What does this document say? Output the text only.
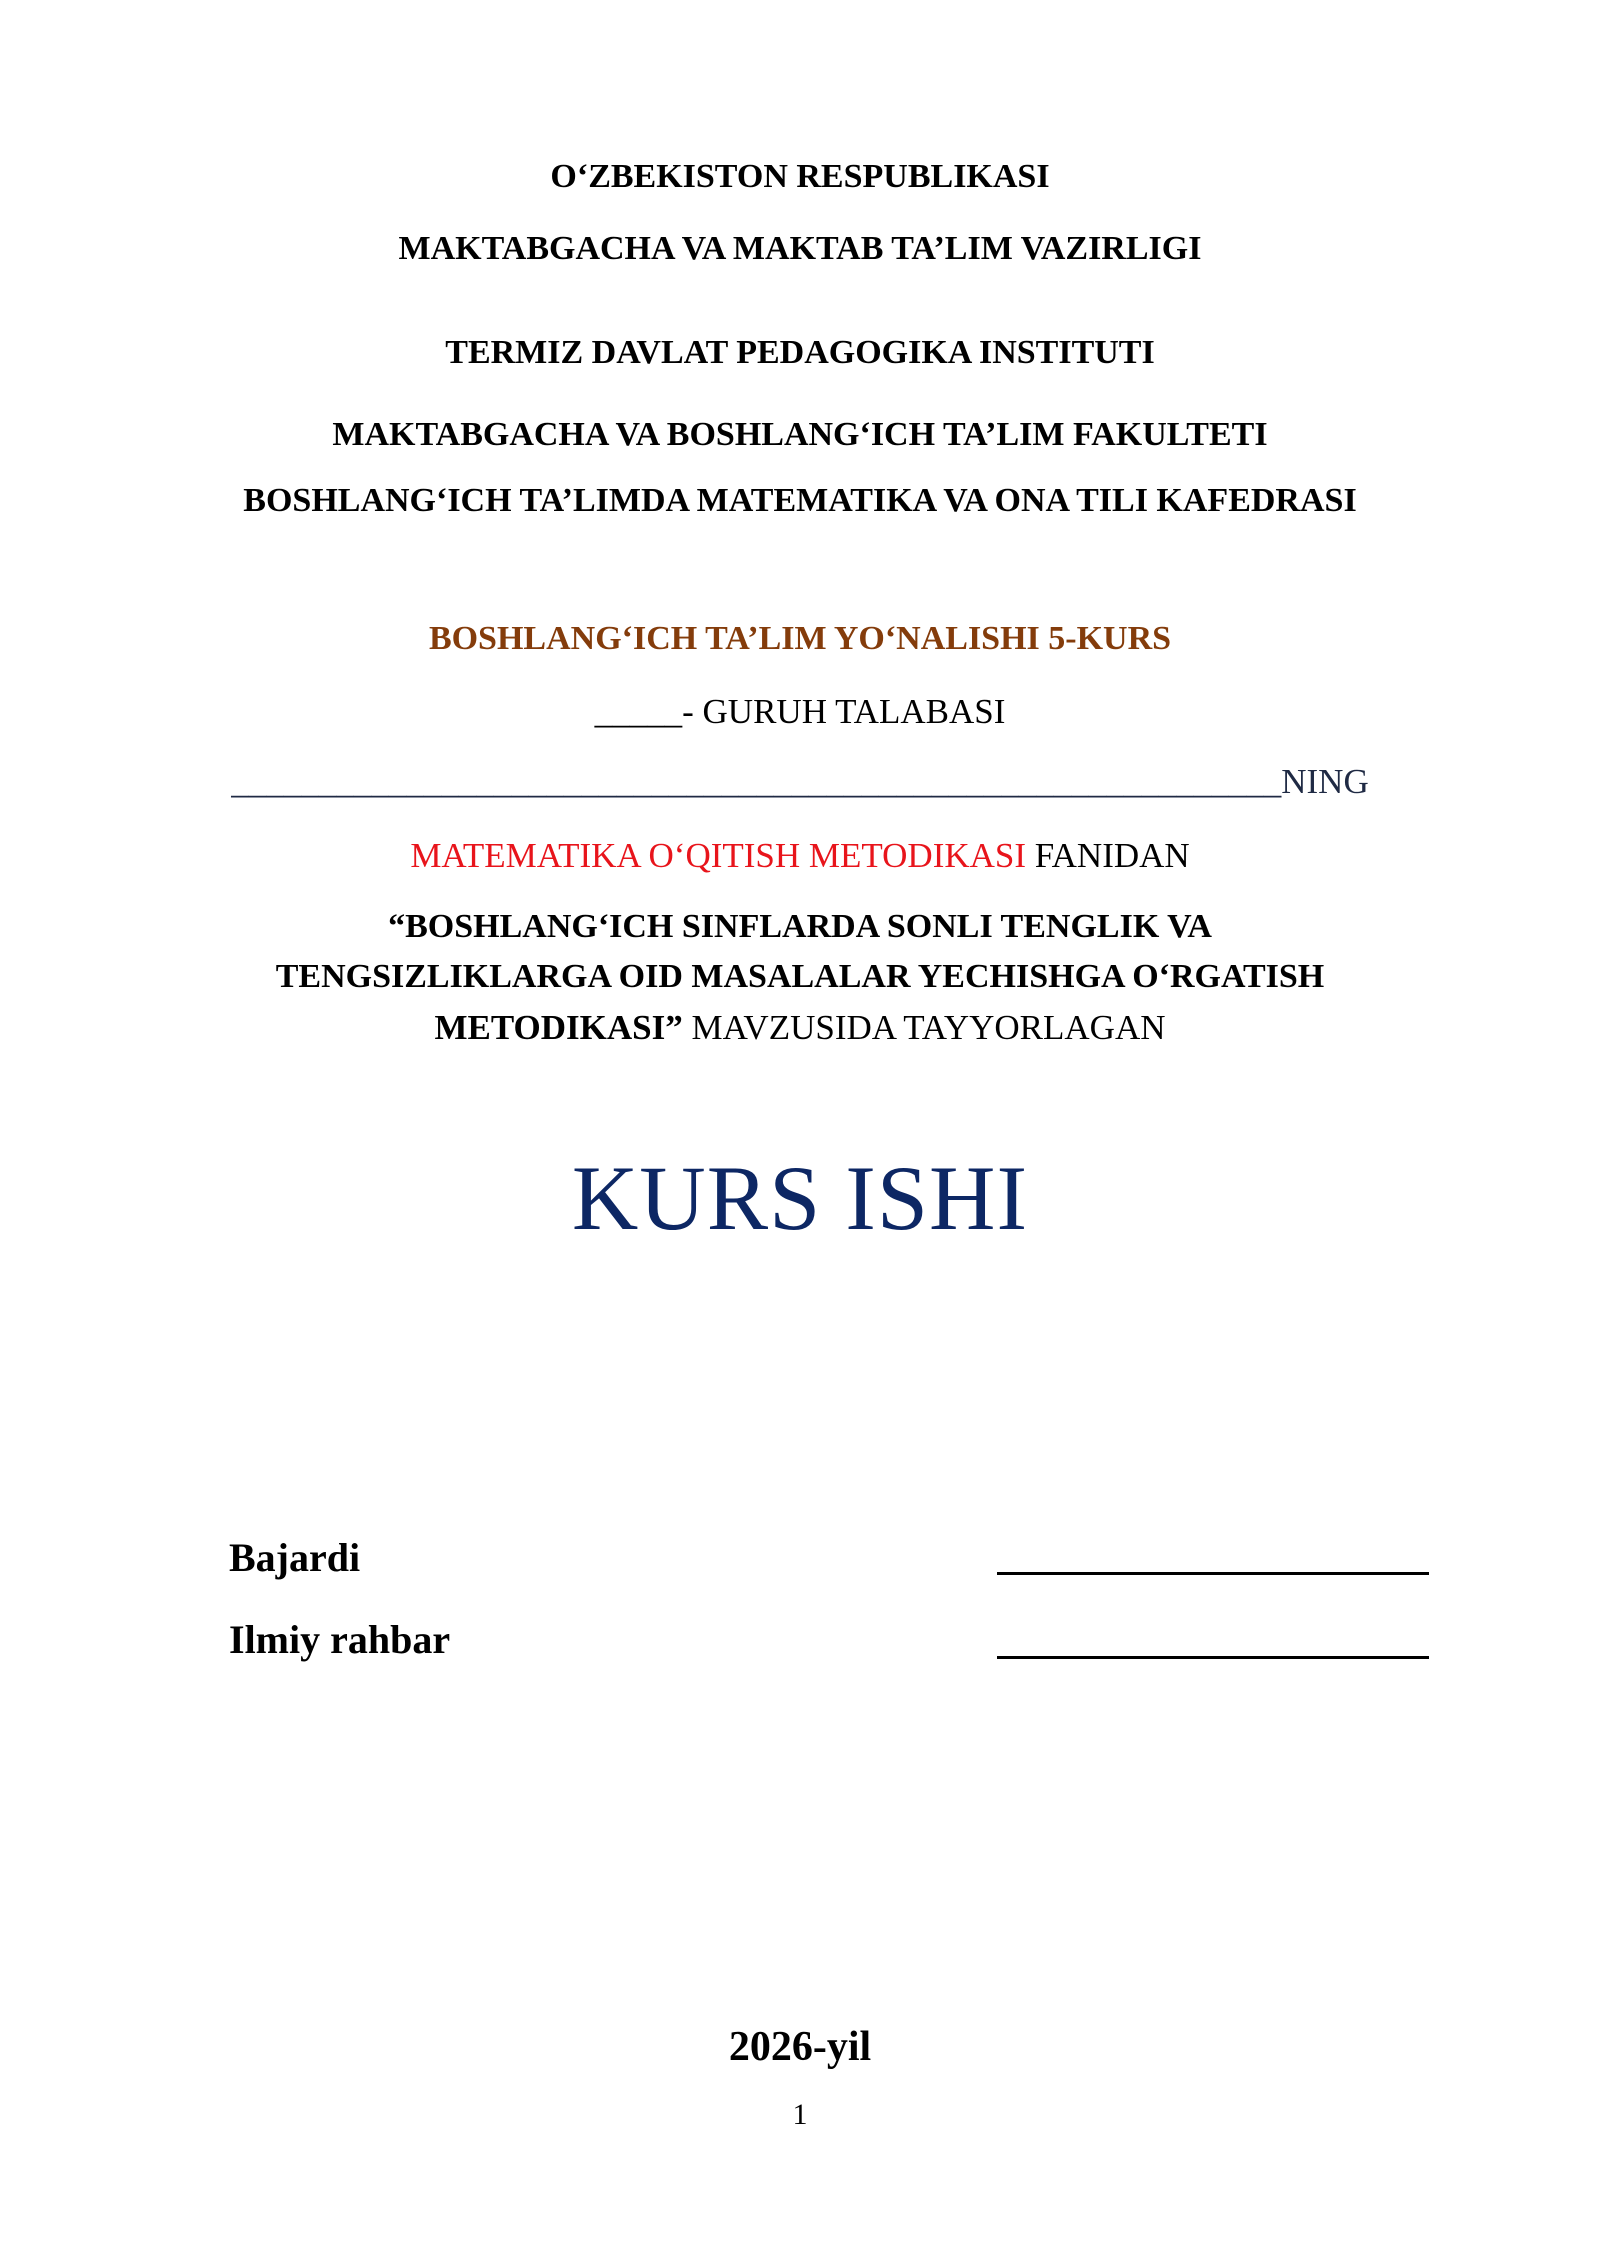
O‘ZBEKISTON RESPUBLIKASI
MAKTABGACHA VA MAKTAB TA’LIM VAZIRLIGI
TERMIZ DAVLAT PEDAGOGIKA INSTITUTI
MAKTABGACHA VA BOSHLANG‘ICH TA’LIM FAKULTETI
BOSHLANG‘ICH TA’LIMDA MATEMATIKA VA ONA TILI KAFEDRASI
BOSHLANG‘ICH TA’LIM YO‘NALISHI 5-KURS
_____- GURUH TALABASI
____________________________________________________________NING
MATEMATIKA O‘QITISH METODIKASI FANIDAN
“BOSHLANG‘ICH SINFLARDA SONLI TENGLIK VA
TENGSIZLIKLARGA OID MASALALAR YECHISHGA O‘RGATISH
METODIKASI” MAVZUSIDA TAYYORLAGAN
KURS ISHI
Bajardi
Ilmiy rahbar
2026-yil
1
